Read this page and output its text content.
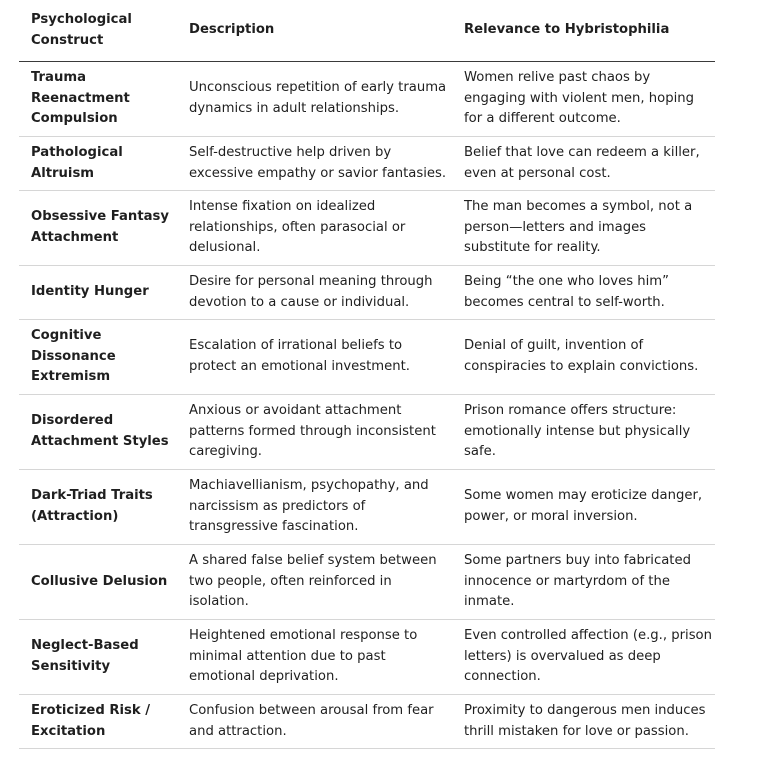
Psychological Construct	Description	Relevance to Hybristophilia
Trauma Reenactment Compulsion	Unconscious repetition of early trauma dynamics in adult relationships.	Women relive past chaos by engaging with violent men, hoping for a different outcome.
Pathological Altruism	Self-destructive help driven by excessive empathy or savior fantasies.	Belief that love can redeem a killer, even at personal cost.
Obsessive Fantasy Attachment	Intense fixation on idealized relationships, often parasocial or delusional.	The man becomes a symbol, not a person—letters and images substitute for reality.
Identity Hunger	Desire for personal meaning through devotion to a cause or individual.	Being “the one who loves him” becomes central to self-worth.
Cognitive Dissonance Extremism	Escalation of irrational beliefs to protect an emotional investment.	Denial of guilt, invention of conspiracies to explain convictions.
Disordered Attachment Styles	Anxious or avoidant attachment patterns formed through inconsistent caregiving.	Prison romance offers structure: emotionally intense but physically safe.
Dark-Triad Traits (Attraction)	Machiavellianism, psychopathy, and narcissism as predictors of transgressive fascination.	Some women may eroticize danger, power, or moral inversion.
Collusive Delusion	A shared false belief system between two people, often reinforced in isolation.	Some partners buy into fabricated innocence or martyrdom of the inmate.
Neglect-Based Sensitivity	Heightened emotional response to minimal attention due to past emotional deprivation.	Even controlled affection (e.g., prison letters) is overvalued as deep connection.
Eroticized Risk / Excitation	Confusion between arousal from fear and attraction.	Proximity to dangerous men induces thrill mistaken for love or passion.
